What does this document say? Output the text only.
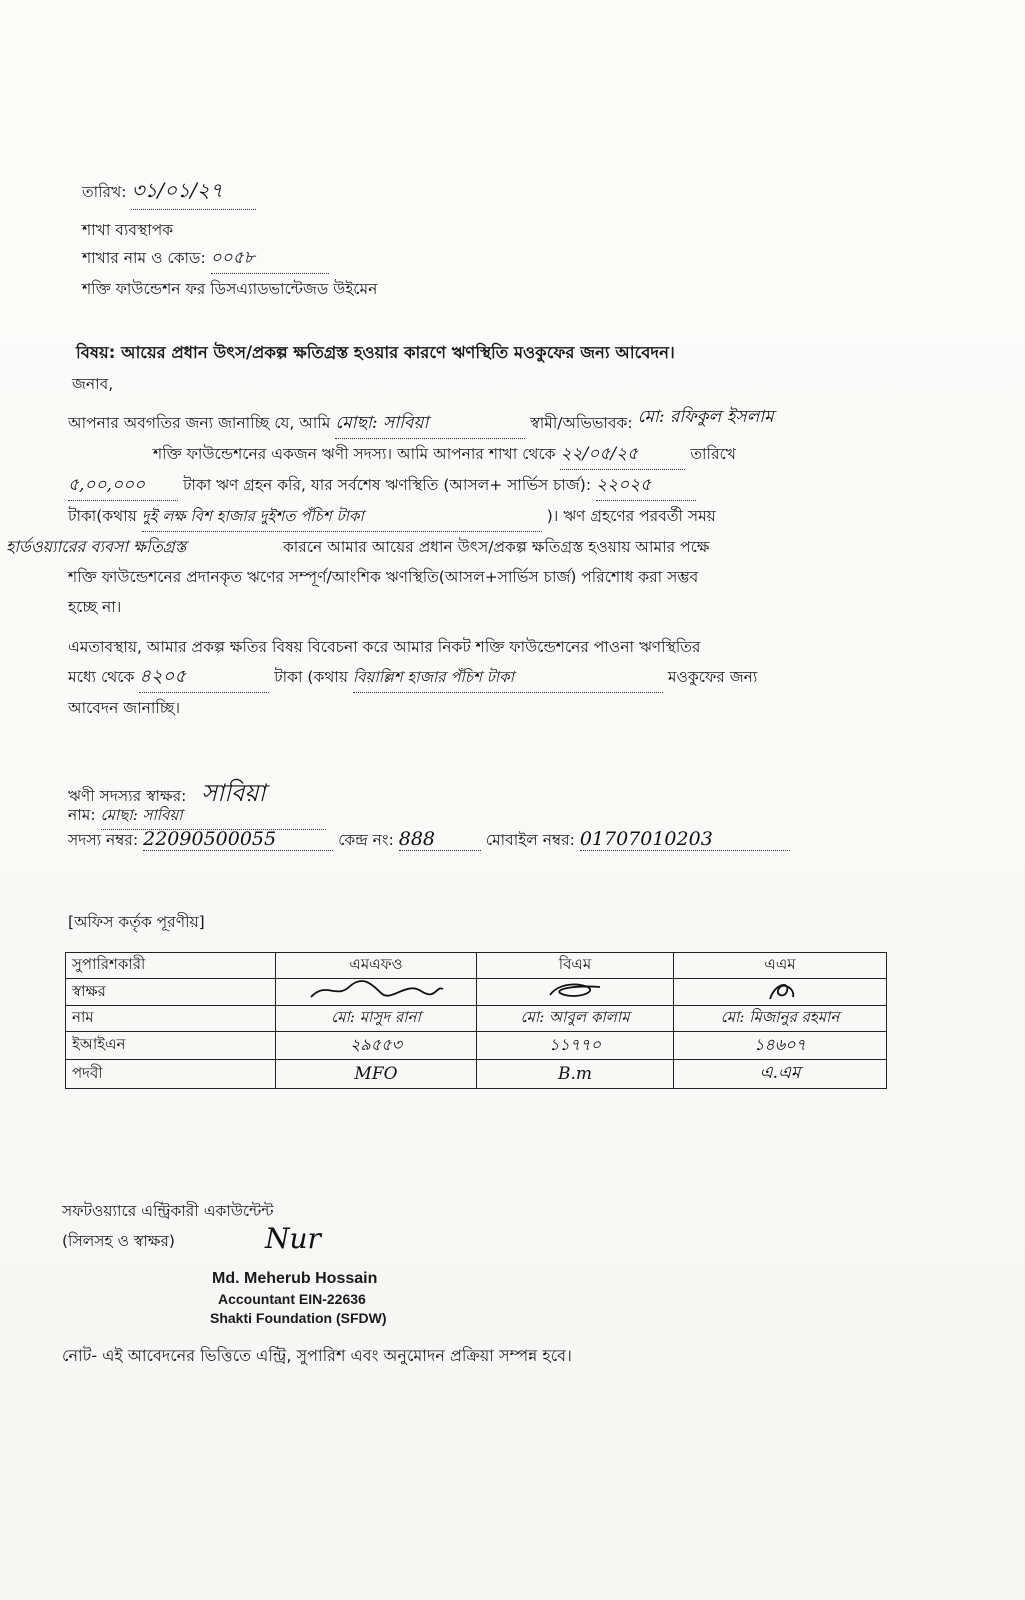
তারিখ: ৩১/০১/২৭
শাখা ব্যবস্থাপক
শাখার নাম ও কোড: ০০৫৮
শক্তি ফাউন্ডেশন ফর ডিসএ্যাডভান্টেজড উইমেন
বিষয়: আয়ের প্রধান উৎস/প্রকল্প ক্ষতিগ্রস্ত হওয়ার কারণে ঋণস্থিতি মওকুফের জন্য আবেদন।
জনাব,
আপনার অবগতির জন্য জানাচ্ছি যে, আমি মোছা: সাবিয়া	স্বামী/অভিভাবক: মো: রফিকুল ইসলাম
শক্তি ফাউন্ডেশনের একজন ঋণী সদস্য। আমি আপনার শাখা থেকে ২২/০৫/২৫	তারিখে
৫,০০,০০০ টাকা ঋণ গ্রহন করি, যার সর্বশেষ ঋণস্থিতি (আসল+ সার্ভিস চার্জ): ২২০২৫
টাকা(কথায় দুই লক্ষ বিশ হাজার দুইশত পঁচিশ টাকা	)। ঋণ গ্রহণের পরবর্তী সময়
হার্ডওয়্যারের ব্যবসা ক্ষতিগ্রস্ত	কারনে আমার আয়ের প্রধান উৎস/প্রকল্প ক্ষতিগ্রস্ত হওয়ায় আমার পক্ষে
শক্তি ফাউন্ডেশনের প্রদানকৃত ঋণের সম্পূর্ণ/আংশিক ঋণস্থিতি(আসল+সার্ভিস চার্জ) পরিশোধ করা সম্ভব
হচ্ছে না।
এমতাবস্থায়, আমার প্রকল্প ক্ষতির বিষয় বিবেচনা করে আমার নিকট শক্তি ফাউন্ডেশনের পাওনা ঋণস্থিতির
মধ্যে থেকে ৪২০৫	টাকা (কথায় বিয়াল্লিশ হাজার পঁচিশ টাকা	মওকুফের জন্য
আবেদন জানাচ্ছি।
ঋণী সদস্যর স্বাক্ষর: সাবিয়া
নাম: মোছা: সাবিয়া
সদস্য নম্বর: 22090500055	কেন্দ্র নং: 888	মোবাইল নম্বর: 01707010203
[অফিস কর্তৃক পূরণীয়]
সুপারিশকারী	এমএফও	বিএম	এএম
স্বাক্ষর			
নাম	মো: মাসুদ রানা	মো: আবুল কালাম	মো: মিজানুর রহমান
ইআইএন	২৯৫৫৩	১১৭৭০	১৪৬০৭
পদবী	MFO	B.m	এ.এম
সফটওয়্যারে এন্ট্রিকারী একাউন্টেন্ট
(সিলসহ ও স্বাক্ষর)	Nur
Md. Meherub Hossain
Accountant EIN-22636
Shakti Foundation (SFDW)
নোট- এই আবেদনের ভিত্তিতে এন্ট্রি, সুপারিশ এবং অনুমোদন প্রক্রিয়া সম্পন্ন হবে।
